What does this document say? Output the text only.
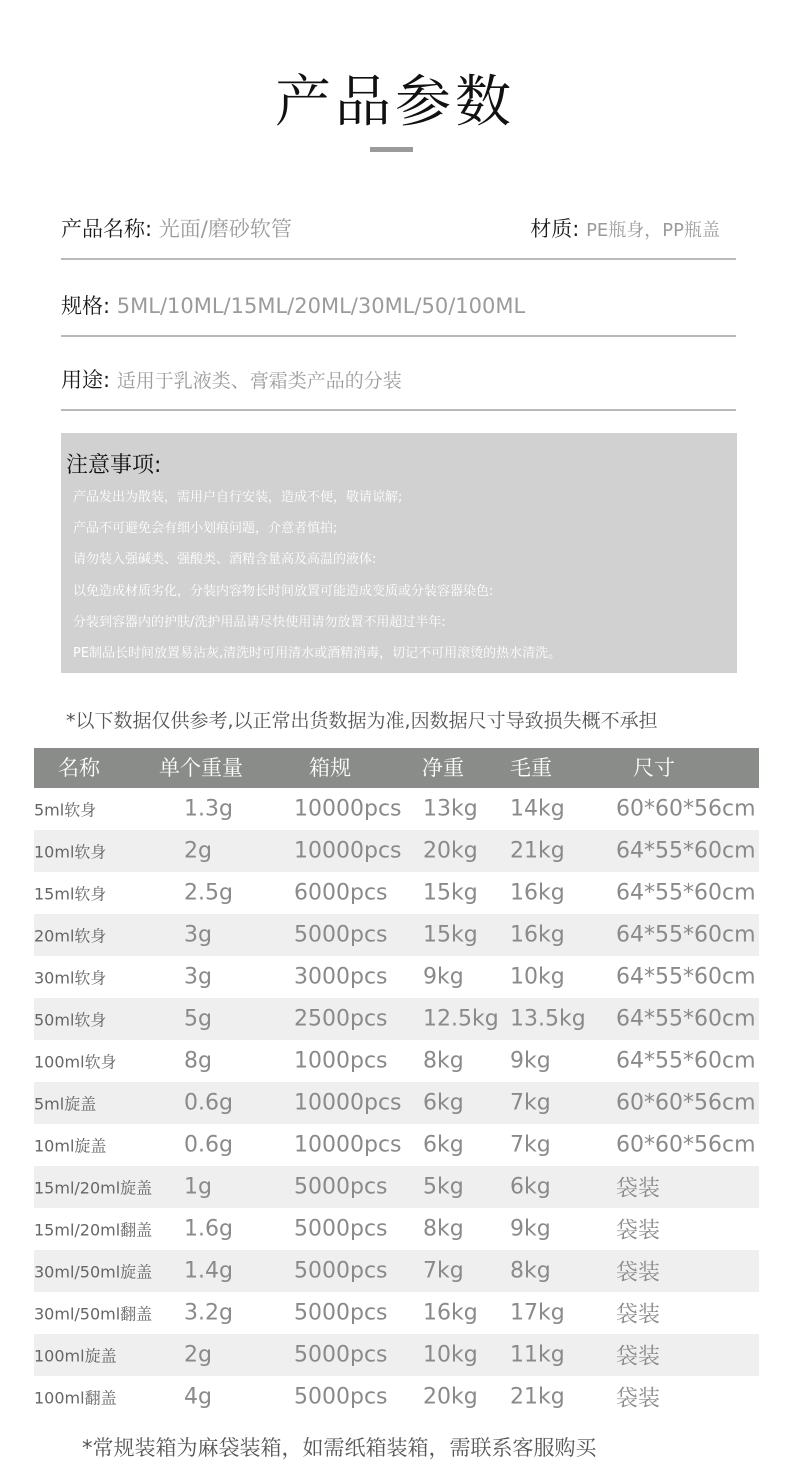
产品参数
产品名称: 光面/磨砂软管	材质: PE瓶身，PP瓶盖
规格: 5ML/10ML/15ML/20ML/30ML/50/100ML
用途: 适用于乳液类、膏霜类产品的分装
注意事项:
产品发出为散装，需用户自行安装，造成不便，敬请谅解;
产品不可避免会有细小划痕问题，介意者慎拍;
请勿装入强碱类、强酸类、酒精含量高及高温的液体:
以免造成材质劣化，分装内容物长时间放置可能造成变质或分装容器染色:
分装到容器内的护肤/洗护用品请尽快使用请勿放置不用超过半年:
PE制品长时间放置易沾灰,清洗时可用清水或酒精消毒，切记不可用滚烫的热水清洗。
*以下数据仅供参考,以正常出货数据为准,因数据尺寸导致损失概不承担
名称	单个重量	箱规	净重 毛重	尺寸
5ml软身	1.3g	10000pcs 13kg 14kg 60*60*56cm
10ml软身	2g	10000pcs 20kg 21kg 64*55*60cm
15ml软身	2.5g	6000pcs 15kg 16kg 64*55*60cm
20ml软身	3g	5000pcs 15kg 16kg 64*55*60cm
30ml软身	3g	3000pcs 9kg 10kg 64*55*60cm
50ml软身	5g	2500pcs 12.5kg 13.5kg 64*55*60cm
100ml软身	8g	1000pcs 8kg 9kg	64*55*60cm
5ml旋盖	0.6g	10000pcs 6kg 7kg	60*60*56cm
10ml旋盖	0.6g	10000pcs 6kg 7kg	60*60*56cm
15ml/20ml旋盖 1g	5000pcs 5kg 6kg	袋装
15ml/20ml翻盖 1.6g	5000pcs 8kg 9kg	袋装
30ml/50ml旋盖 1.4g	5000pcs 7kg 8kg	袋装
30ml/50ml翻盖 3.2g	5000pcs 16kg 17kg 袋装
100ml旋盖	2g	5000pcs 10kg 11kg 袋装
100ml翻盖	4g	5000pcs 20kg 21kg 袋装
*常规装箱为麻袋装箱，如需纸箱装箱，需联系客服购买
